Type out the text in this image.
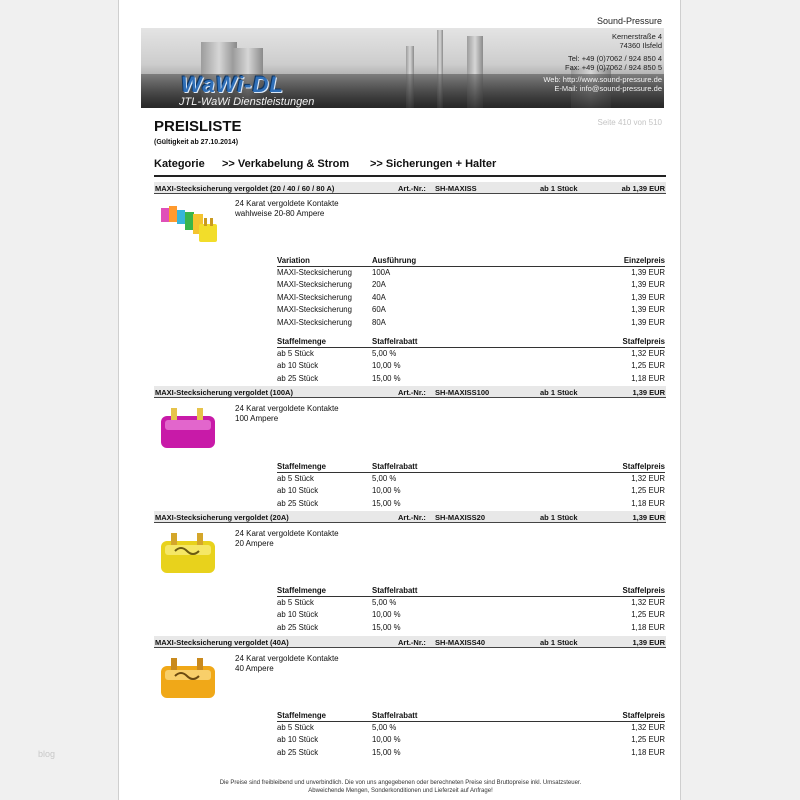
blog
WaWi-DL
JTL-WaWi Dienstleistungen
Sound-Pressure
Kernerstraße 4
74360 Ilsfeld
Tel: +49 (0)7062 / 924 850 4
Fax: +49 (0)7062 / 924 850 5
Web: http://www.sound-pressure.de
E-Mail: info@sound-pressure.de
PREISLISTE
(Gültigkeit ab 27.10.2014)
Seite 410 von 510
Kategorie >> Verkabelung & Strom >> Sicherungen + Halter
MAXI-Stecksicherung vergoldet (20 / 40 / 60 / 80 A)	Art.-Nr.: SH-MAXISS	ab 1 Stück	ab 1,39 EUR
24 Karat vergoldete Kontakte
wahlweise 20-80 Ampere
Variation	Ausführung	Einzelpreis
MAXI-Stecksicherung	100A	1,39 EUR
MAXI-Stecksicherung	20A	1,39 EUR
MAXI-Stecksicherung	40A	1,39 EUR
MAXI-Stecksicherung	60A	1,39 EUR
MAXI-Stecksicherung	80A	1,39 EUR
Staffelmenge	Staffelrabatt	Staffelpreis
ab 5 Stück	5,00 %	1,32 EUR
ab 10 Stück	10,00 %	1,25 EUR
ab 25 Stück	15,00 %	1,18 EUR
MAXI-Stecksicherung vergoldet (100A)	Art.-Nr.: SH-MAXISS100	ab 1 Stück	1,39 EUR
24 Karat vergoldete Kontakte
100 Ampere
Staffelmenge	Staffelrabatt	Staffelpreis
ab 5 Stück	5,00 %	1,32 EUR
ab 10 Stück	10,00 %	1,25 EUR
ab 25 Stück	15,00 %	1,18 EUR
MAXI-Stecksicherung vergoldet (20A)	Art.-Nr.: SH-MAXISS20	ab 1 Stück	1,39 EUR
24 Karat vergoldete Kontakte
20 Ampere
Staffelmenge	Staffelrabatt	Staffelpreis
ab 5 Stück	5,00 %	1,32 EUR
ab 10 Stück	10,00 %	1,25 EUR
ab 25 Stück	15,00 %	1,18 EUR
MAXI-Stecksicherung vergoldet (40A)	Art.-Nr.: SH-MAXISS40	ab 1 Stück	1,39 EUR
24 Karat vergoldete Kontakte
40 Ampere
Staffelmenge	Staffelrabatt	Staffelpreis
ab 5 Stück	5,00 %	1,32 EUR
ab 10 Stück	10,00 %	1,25 EUR
ab 25 Stück	15,00 %	1,18 EUR
Die Preise sind freibleibend und unverbindlich. Die von uns angegebenen oder berechneten Preise sind Bruttopreise inkl. Umsatzsteuer.
Abweichende Mengen, Sonderkonditionen und Lieferzeit auf Anfrage!
